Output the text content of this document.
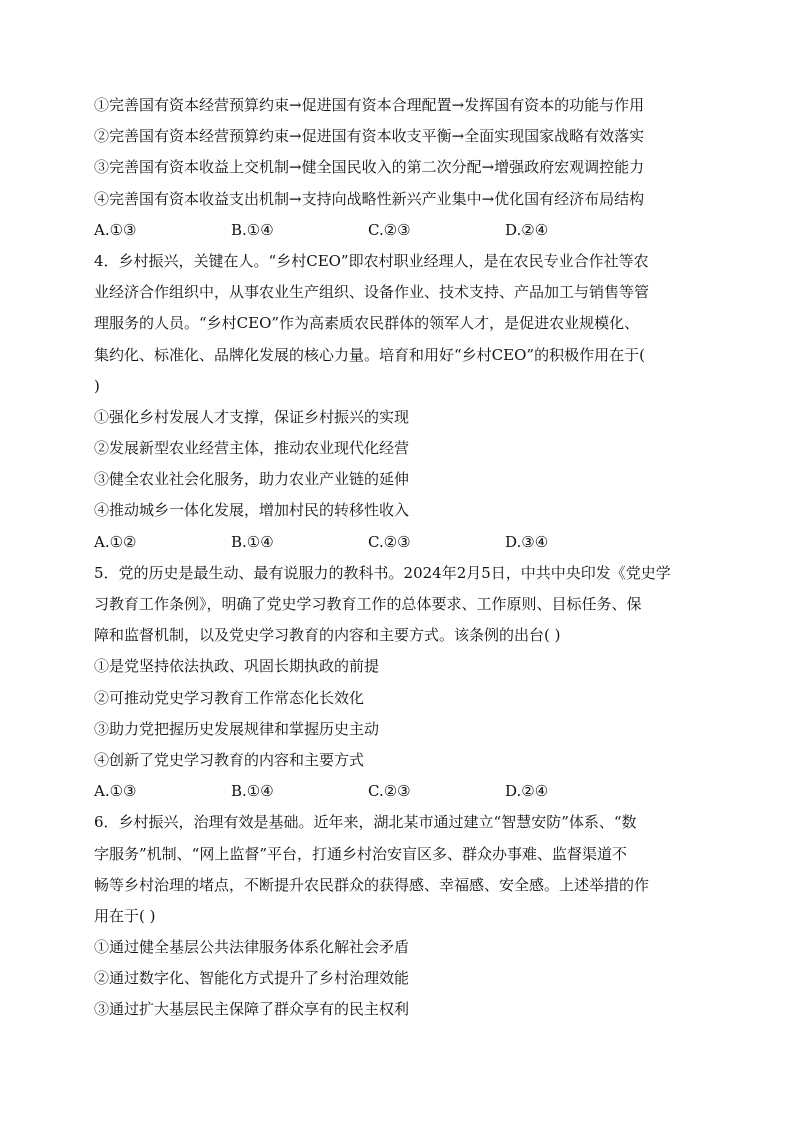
①完善国有资本经营预算约束→促进国有资本合理配置→发挥国有资本的功能与作用
②完善国有资本经营预算约束→促进国有资本收支平衡→全面实现国家战略有效落实
③完善国有资本收益上交机制→健全国民收入的第二次分配→增强政府宏观调控能力
④完善国有资本收益支出机制→支持向战略性新兴产业集中→优化国有经济布局结构
A.①③	B.①④	C.②③	D.②④
4．乡村振兴，关键在人。“乡村CEO”即农村职业经理人，是在农民专业合作社等农
业经济合作组织中，从事农业生产组织、设备作业、技术支持、产品加工与销售等管
理服务的人员。“乡村CEO”作为高素质农民群体的领军人才，是促进农业规模化、
集约化、标准化、品牌化发展的核心力量。培育和用好“乡村CEO”的积极作用在于(
)
①强化乡村发展人才支撑，保证乡村振兴的实现
②发展新型农业经营主体，推动农业现代化经营
③健全农业社会化服务，助力农业产业链的延伸
④推动城乡一体化发展，增加村民的转移性收入
A.①②	B.①④	C.②③	D.③④
5．党的历史是最生动、最有说服力的教科书。2024年2月5日，中共中央印发《党史学
习教育工作条例》，明确了党史学习教育工作的总体要求、工作原则、目标任务、保
障和监督机制，以及党史学习教育的内容和主要方式。该条例的出台( )
①是党坚持依法执政、巩固长期执政的前提
②可推动党史学习教育工作常态化长效化
③助力党把握历史发展规律和掌握历史主动
④创新了党史学习教育的内容和主要方式
A.①③	B.①④	C.②③	D.②④
6．乡村振兴，治理有效是基础。近年来，湖北某市通过建立“智慧安防”体系、“数
字服务”机制、“网上监督”平台，打通乡村治安盲区多、群众办事难、监督渠道不
畅等乡村治理的堵点，不断提升农民群众的获得感、幸福感、安全感。上述举措的作
用在于( )
①通过健全基层公共法律服务体系化解社会矛盾
②通过数字化、智能化方式提升了乡村治理效能
③通过扩大基层民主保障了群众享有的民主权利
